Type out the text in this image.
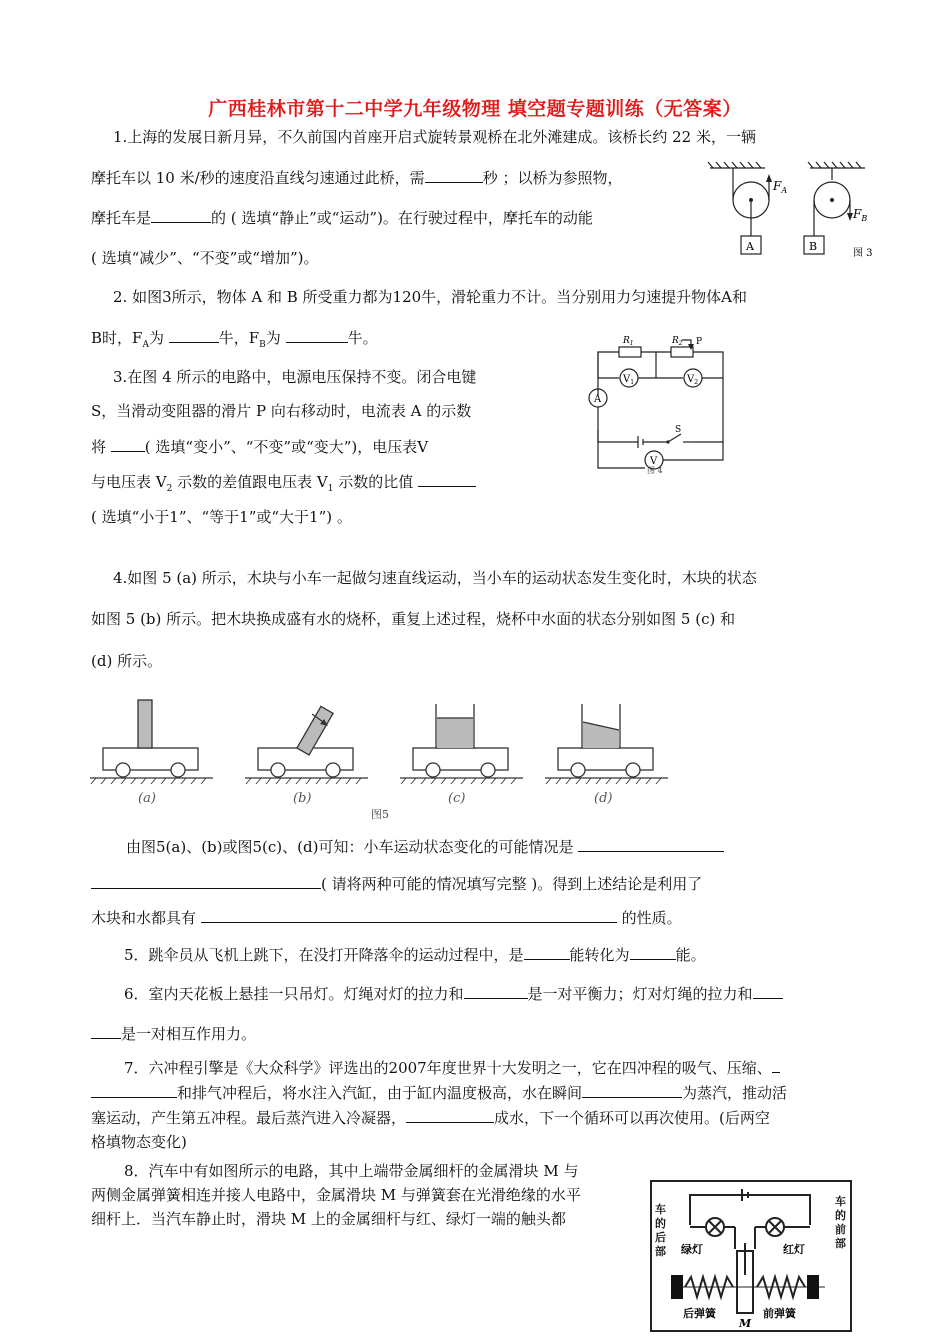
广西桂林市第十二中学九年级物理 填空题专题训练（无答案）
1.上海的发展日新月异，不久前国内首座开启式旋转景观桥在北外滩建成。该桥长约 22 米，一辆
摩托车以 10 米/秒的速度沿直线匀速通过此桥，需	秒 ；以桥为参照物，
摩托车是	的 ( 选填“静止”或“运动”)。在行驶过程中，摩托车的动能
( 选填“减少”、“不变”或“增加”)。
A	B
$F_A$
$F_B$
图 3
2. 如图3所示，物体 A 和 B 所受重力都为120牛，滑轮重力不计。当分别用力匀速提升物体A和
B时，$F_A$为	牛，$F_B$为	牛。
3.在图 4 所示的电路中，电源电压保持不变。闭合电键
S，当滑动变阻器的滑片 P 向右移动时，电流表 A 的示数
将	( 选填“变小”、“不变”或“变大”)，电压表V
与电压表 $V_2$ 示数的差值跟电压表 $V_1$ 示数的比值
( 选填“小于1”、“等于1”或“大于1”) 。
$R_1$	$R_2$ P
$V_1$	$V_2$
A
S
V
图 4
4.如图 5 (a) 所示，木块与小车一起做匀速直线运动，当小车的运动状态发生变化时，木块的状态
如图 5 (b) 所示。把木块换成盛有水的烧杯，重复上述过程，烧杯中水面的状态分别如图 5 (c) 和
(d) 所示。
(a)	(b)	(c)	(d)
图5
由图5(a)、(b)或图5(c)、(d)可知：小车运动状态变化的可能情况是
( 请将两种可能的情况填写完整 )。得到上述结论是利用了
木块和水都具有	的性质。
5．跳伞员从飞机上跳下，在没打开降落伞的运动过程中，是	能转化为	能。
6．室内天花板上悬挂一只吊灯。灯绳对灯的拉力和	是一对平衡力；灯对灯绳的拉力和
是一对相互作用力。
7．六冲程引擎是《大众科学》评选出的2007年度世界十大发明之一，它在四冲程的吸气、压缩、
和排气冲程后，将水注入汽缸，由于缸内温度极高，水在瞬间	为蒸汽，推动活
塞运动，产生第五冲程。最后蒸汽进入冷凝器，	成水，下一个循环可以再次使用。(后两空
格填物态变化)
8．汽车中有如图所示的电路，其中上端带金属细杆的金属滑块 M 与
两侧金属弹簧相连并接人电路中，金属滑块 M 与弹簧套在光滑绝缘的水平
细杆上．当汽车静止时，滑块 M 上的金属细杆与红、绿灯一端的触头都
车
的
后
部
车
的
前
部
绿灯	红灯
后弹簧
M
前弹簧
